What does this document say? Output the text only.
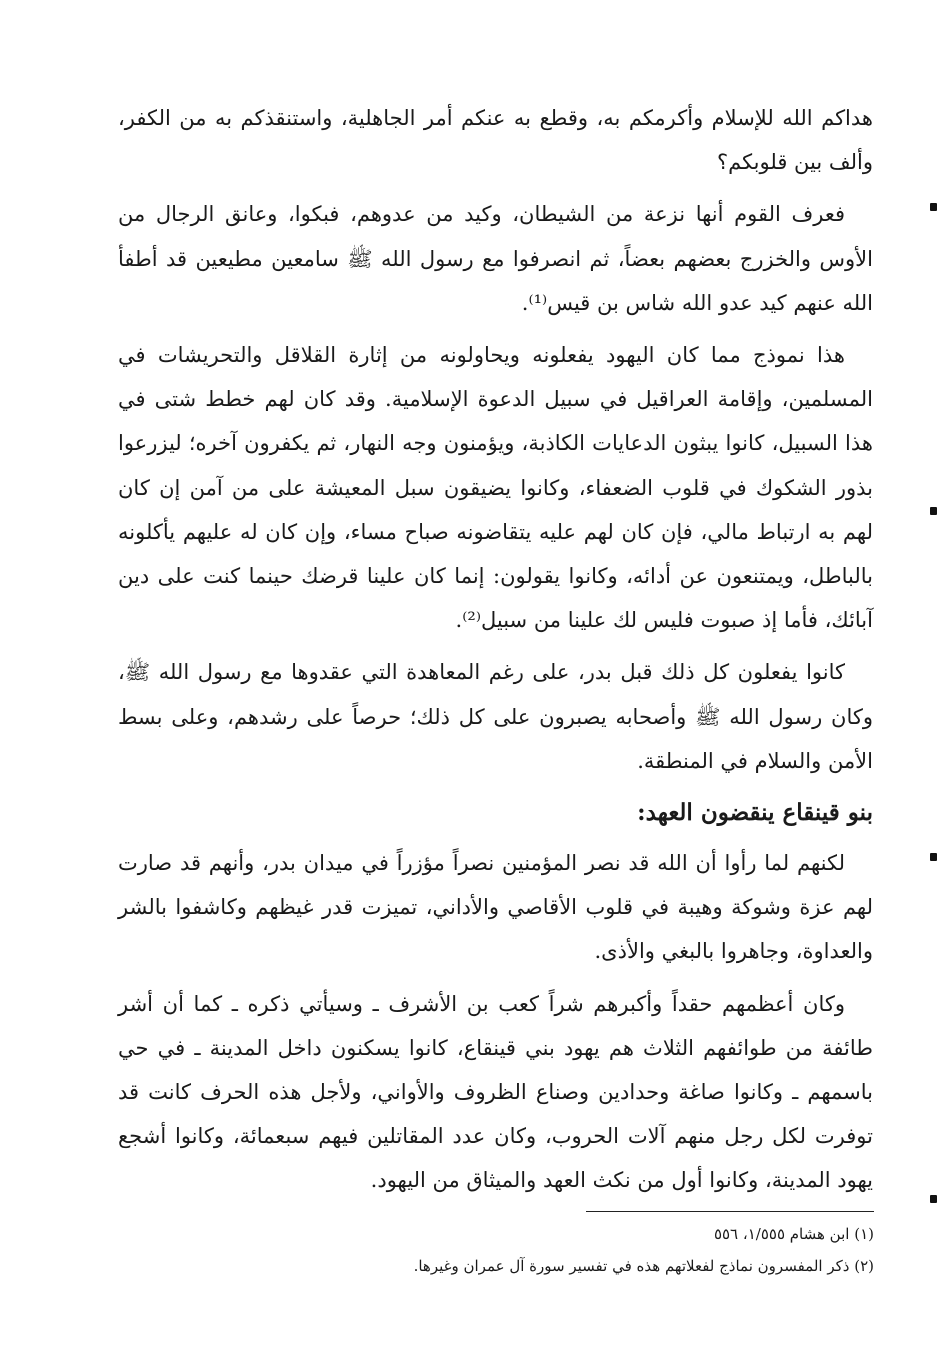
هداكم الله للإسلام وأكرمكم به، وقطع به عنكم أمر الجاهلية، واستنقذكم به من الكفر، وألف بين قلوبكم؟

فعرف القوم أنها نزعة من الشيطان، وكيد من عدوهم، فبكوا، وعانق الرجال من الأوس والخزرج بعضهم بعضاً، ثم انصرفوا مع رسول الله ﷺ سامعين مطيعين قد أطفأ الله عنهم كيد عدو الله شاس بن قيس⁽¹⁾.

هذا نموذج مما كان اليهود يفعلونه ويحاولونه من إثارة القلاقل والتحريشات في المسلمين، وإقامة العراقيل في سبيل الدعوة الإسلامية. وقد كان لهم خطط شتى في هذا السبيل، كانوا يبثون الدعايات الكاذبة، ويؤمنون وجه النهار، ثم يكفرون آخره؛ ليزرعوا بذور الشكوك في قلوب الضعفاء، وكانوا يضيقون سبل المعيشة على من آمن إن كان لهم به ارتباط مالي، فإن كان لهم عليه يتقاضونه صباح مساء، وإن كان له عليهم يأكلونه بالباطل، ويمتنعون عن أدائه، وكانوا يقولون: إنما كان علينا قرضك حينما كنت على دين آبائك، فأما إذ صبوت فليس لك علينا من سبيل⁽²⁾.

كانوا يفعلون كل ذلك قبل بدر، على رغم المعاهدة التي عقدوها مع رسول الله ﷺ، وكان رسول الله ﷺ وأصحابه يصبرون على كل ذلك؛ حرصاً على رشدهم، وعلى بسط الأمن والسلام في المنطقة.

بنو قينقاع ينقضون العهد:

لكنهم لما رأوا أن الله قد نصر المؤمنين نصراً مؤزراً في ميدان بدر، وأنهم قد صارت لهم عزة وشوكة وهيبة في قلوب الأقاصي والأداني، تميزت قدر غيظهم وكاشفوا بالشر والعداوة، وجاهروا بالبغي والأذى.

وكان أعظمهم حقداً وأكبرهم شراً كعب بن الأشرف ـ وسيأتي ذكره ـ كما أن أشر طائفة من طوائفهم الثلاث هم يهود بني قينقاع، كانوا يسكنون داخل المدينة ـ في حي باسمهم ـ وكانوا صاغة وحدادين وصناع الظروف والأواني، ولأجل هذه الحرف كانت قد توفرت لكل رجل منهم آلات الحروب، وكان عدد المقاتلين فيهم سبعمائة، وكانوا أشجع يهود المدينة، وكانوا أول من نكث العهد والميثاق من اليهود.

(١) ابن هشام ١/٥٥٥، ٥٥٦

(٢) ذكر المفسرون نماذج لفعلاتهم هذه في تفسير سورة آل عمران وغيرها.
